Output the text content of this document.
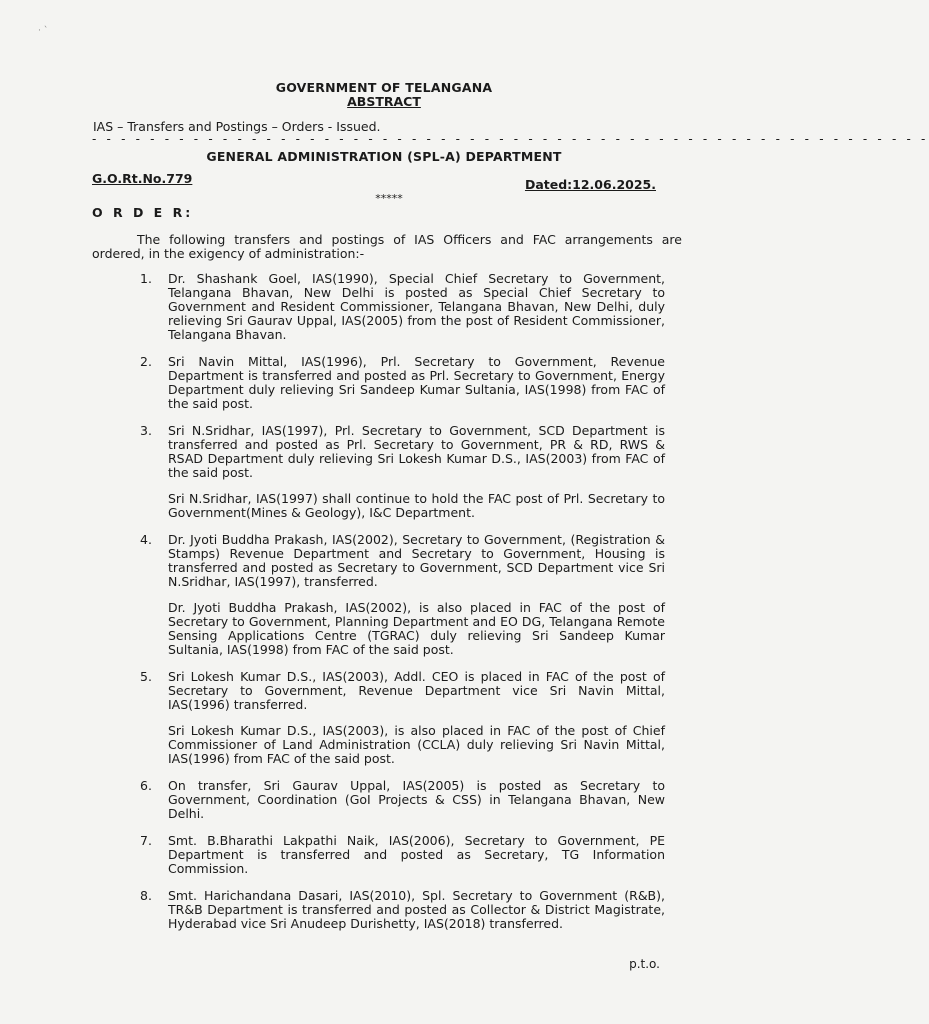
· `
GOVERNMENT OF TELANGANA
ABSTRACT
IAS – Transfers and Postings – Orders - Issued.
- - - - - - - - - - - - - - - - - - - - - - - - - - - - - - - - - - - - - - - - - - - - - - - - - - - - - - - - - -
GENERAL ADMINISTRATION (SPL-A) DEPARTMENT
G.O.Rt.No.779	Dated:12.06.2025.
*****
O R D E R:
The following transfers and postings of IAS Officers and FAC arrangements are ordered, in the exigency of administration:-
1.	Dr. Shashank Goel, IAS(1990), Special Chief Secretary to Government, Telangana Bhavan, New Delhi is posted as Special Chief Secretary to Government and Resident Commissioner, Telangana Bhavan, New Delhi, duly relieving Sri Gaurav Uppal, IAS(2005) from the post of Resident Commissioner, Telangana Bhavan.
2.	Sri Navin Mittal, IAS(1996), Prl. Secretary to Government, Revenue Department is transferred and posted as Prl. Secretary to Government, Energy Department duly relieving Sri Sandeep Kumar Sultania, IAS(1998) from FAC of the said post.
3.	Sri N.Sridhar, IAS(1997), Prl. Secretary to Government, SCD Department is transferred and posted as Prl. Secretary to Government, PR & RD, RWS & RSAD Department duly relieving Sri Lokesh Kumar D.S., IAS(2003) from FAC of the said post.
Sri N.Sridhar, IAS(1997) shall continue to hold the FAC post of Prl. Secretary to Government(Mines & Geology), I&C Department.
4.	Dr. Jyoti Buddha Prakash, IAS(2002), Secretary to Government, (Registration & Stamps) Revenue Department and Secretary to Government, Housing is transferred and posted as Secretary to Government, SCD Department vice Sri N.Sridhar, IAS(1997), transferred.
Dr. Jyoti Buddha Prakash, IAS(2002), is also placed in FAC of the post of Secretary to Government, Planning Department and EO DG, Telangana Remote Sensing Applications Centre (TGRAC) duly relieving Sri Sandeep Kumar Sultania, IAS(1998) from FAC of the said post.
5.	Sri Lokesh Kumar D.S., IAS(2003), Addl. CEO is placed in FAC of the post of Secretary to Government, Revenue Department vice Sri Navin Mittal, IAS(1996) transferred.
Sri Lokesh Kumar D.S., IAS(2003), is also placed in FAC of the post of Chief Commissioner of Land Administration (CCLA) duly relieving Sri Navin Mittal, IAS(1996) from FAC of the said post.
6.	On transfer, Sri Gaurav Uppal, IAS(2005) is posted as Secretary to Government, Coordination (GoI Projects & CSS) in Telangana Bhavan, New Delhi.
7.	Smt. B.Bharathi Lakpathi Naik, IAS(2006), Secretary to Government, PE Department is transferred and posted as Secretary, TG Information Commission.
8.	Smt. Harichandana Dasari, IAS(2010), Spl. Secretary to Government (R&B), TR&B Department is transferred and posted as Collector & District Magistrate, Hyderabad vice Sri Anudeep Durishetty, IAS(2018) transferred.
p.t.o.
